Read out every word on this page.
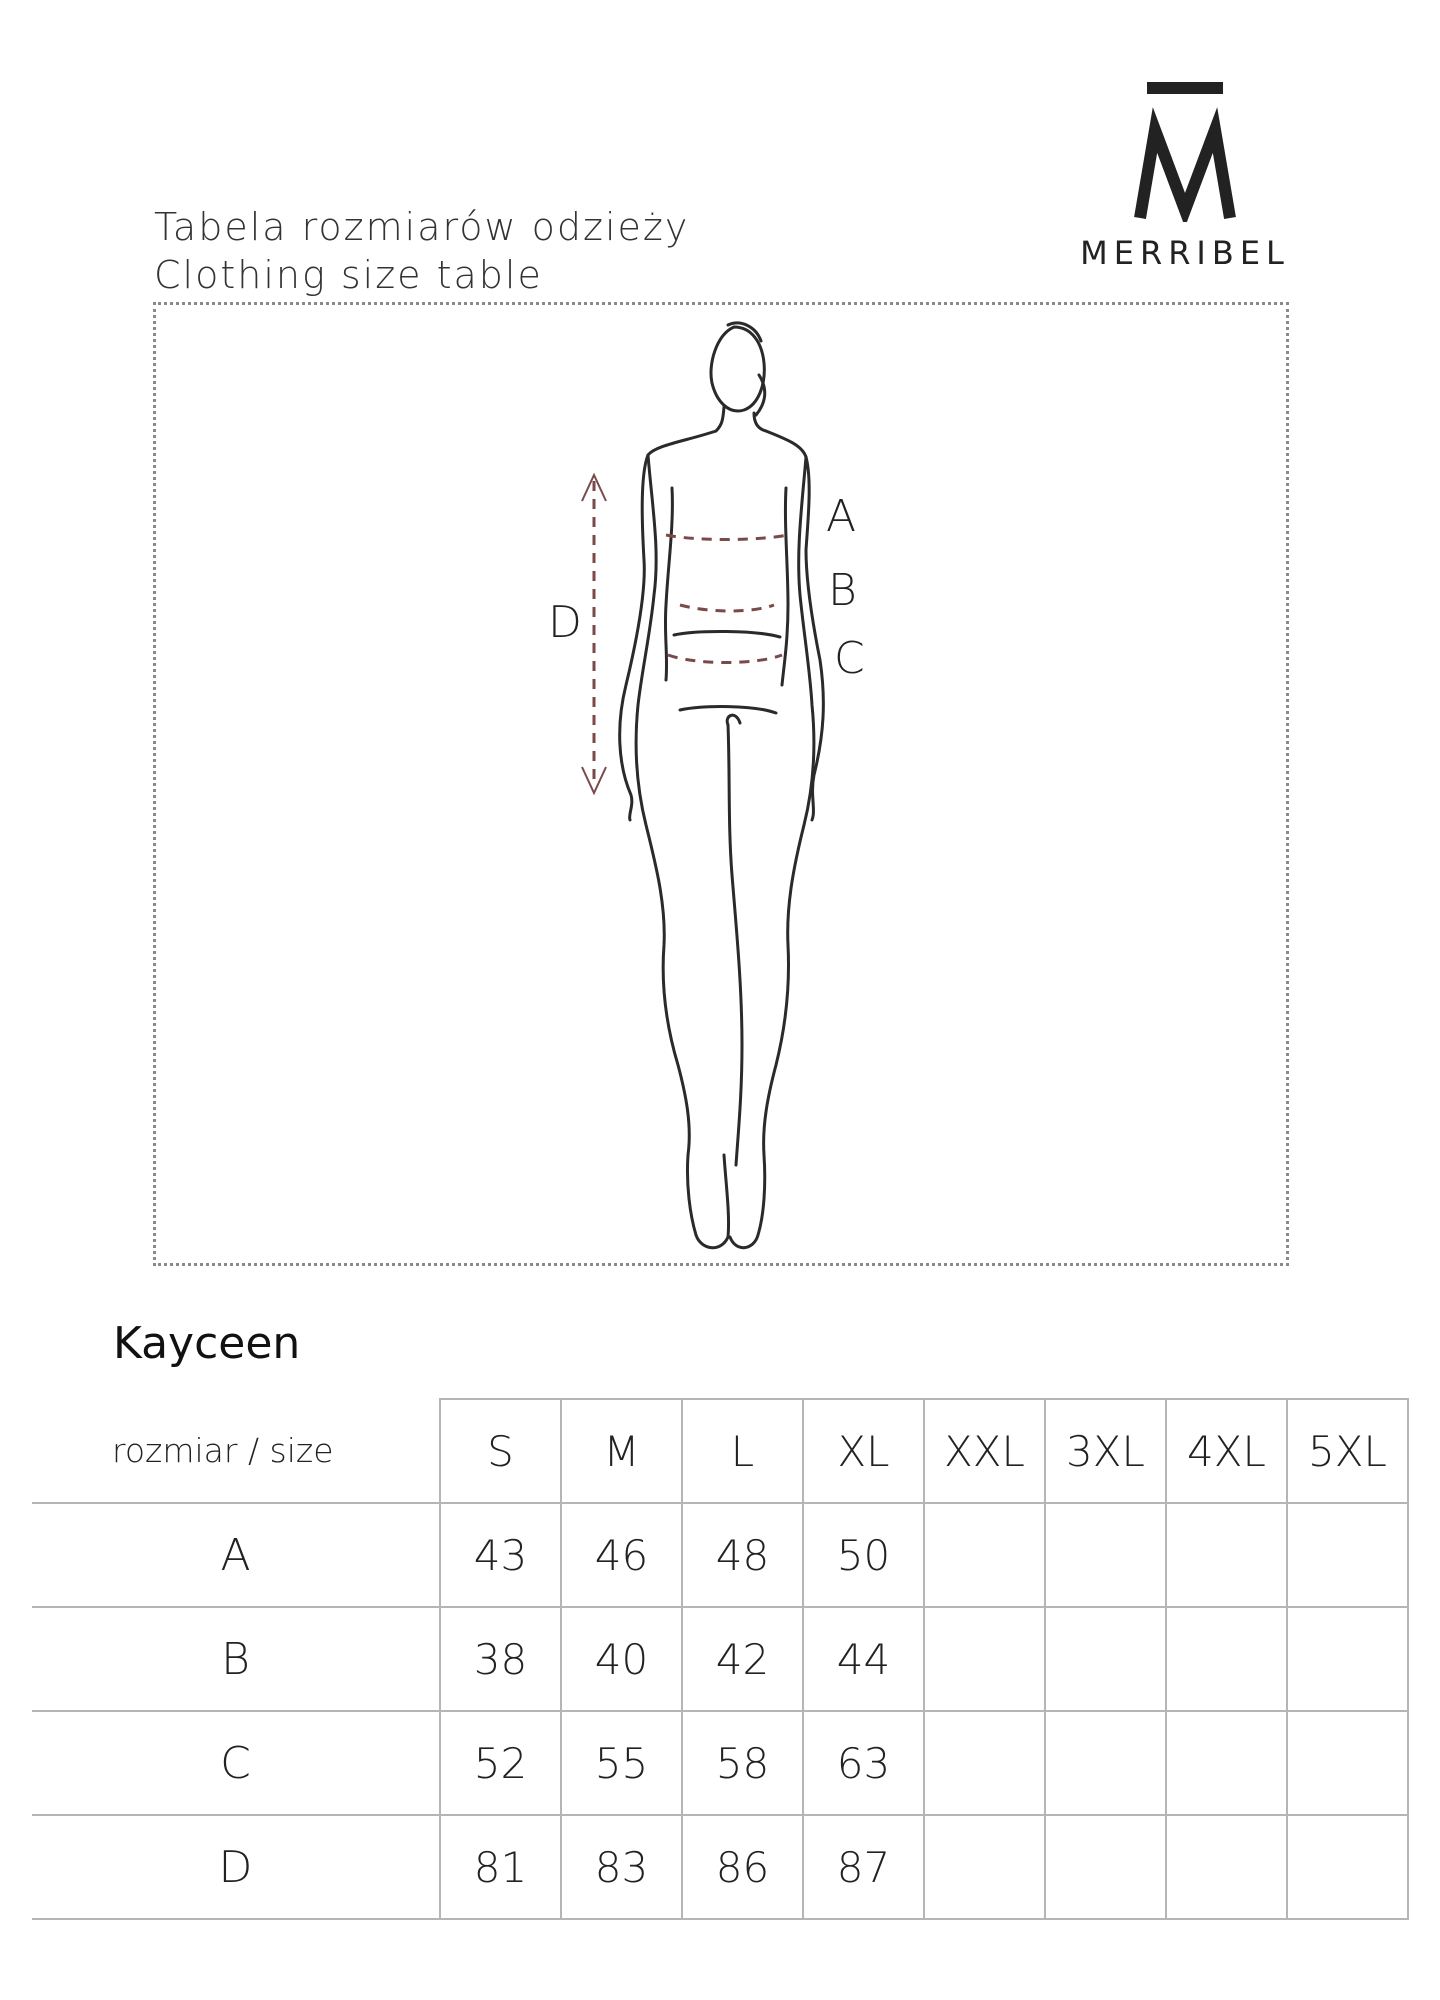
Tabela rozmiarów odzieży
Clothing size table	MERRIBEL
A
B
C
D
Kayceen
rozmiar / size	S	M	L	XL	XXL	3XL	4XL	5XL
A	43	46	48	50				
B	38	40	42	44				
C	52	55	58	63				
D	81	83	86	87				
